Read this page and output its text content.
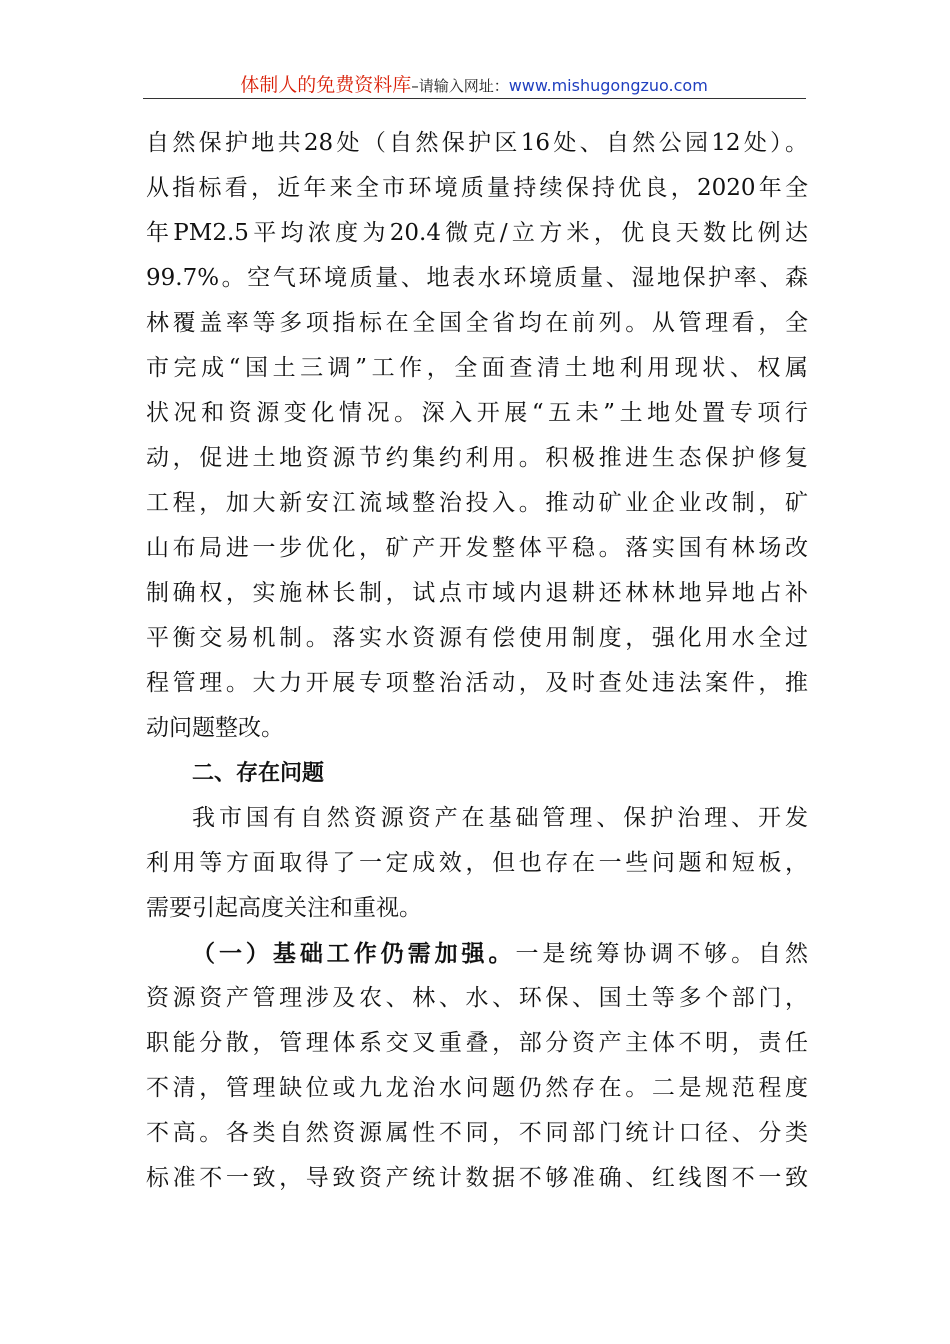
体制人的免费资料库–请输入网址：www.mishugongzuo.com
自然保护地共28处（自然保护区16处、自然公园12处）。
从指标看，近年来全市环境质量持续保持优良，2020年全
年PM2.5平均浓度为20.4微克/立方米，优良天数比例达
99.7%。空气环境质量、地表水环境质量、湿地保护率、森
林覆盖率等多项指标在全国全省均在前列。从管理看，全
市完成“国土三调”工作，全面查清土地利用现状、权属
状况和资源变化情况。深入开展“五未”土地处置专项行
动，促进土地资源节约集约利用。积极推进生态保护修复
工程，加大新安江流域整治投入。推动矿业企业改制，矿
山布局进一步优化，矿产开发整体平稳。落实国有林场改
制确权，实施林长制，试点市域内退耕还林林地异地占补
平衡交易机制。落实水资源有偿使用制度，强化用水全过
程管理。大力开展专项整治活动，及时查处违法案件，推
动问题整改。
二、存在问题
我市国有自然资源资产在基础管理、保护治理、开发
利用等方面取得了一定成效，但也存在一些问题和短板，
需要引起高度关注和重视。
（一）基础工作仍需加强。一是统筹协调不够。自然
资源资产管理涉及农、林、水、环保、国土等多个部门，
职能分散，管理体系交叉重叠，部分资产主体不明，责任
不清，管理缺位或九龙治水问题仍然存在。二是规范程度
不高。各类自然资源属性不同，不同部门统计口径、分类
标准不一致，导致资产统计数据不够准确、红线图不一致
